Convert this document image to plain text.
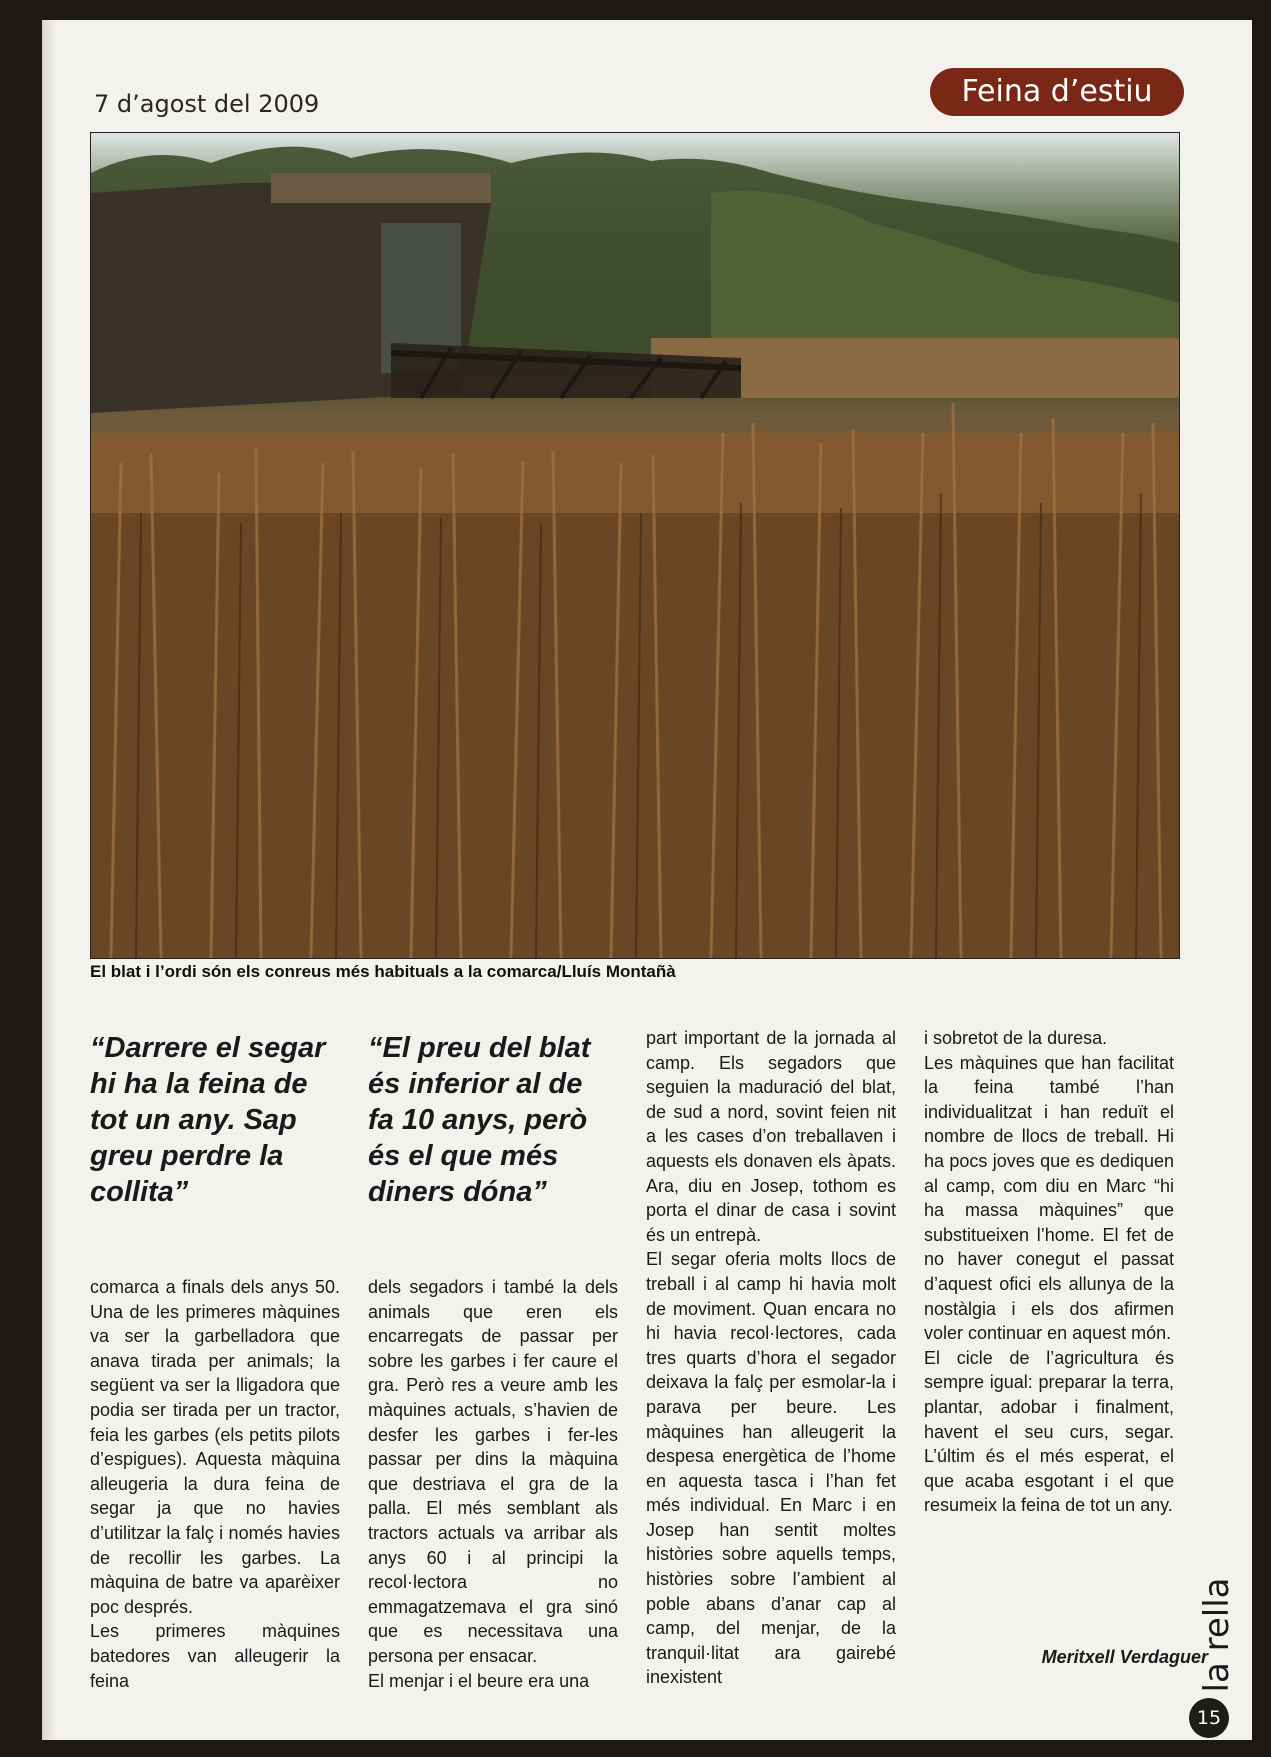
7 d’agost del 2009	Feina d’estiu
El blat i l’ordi són els conreus més habituals a la comarca/Lluís Montañà
“Darrere el segar hi ha la feina de tot un any. Sap greu perdre la collita”
“El preu del blat és inferior al de fa 10 anys, però és el que més diners dóna”

comarca a finals dels anys 50. Una de les primeres màquines va ser la garbelladora que anava tirada per animals; la següent va ser la lligadora que podia ser tirada per un tractor, feia les garbes (els petits pilots d’espigues). Aquesta màquina alleugeria la dura feina de segar ja que no havies d’utilitzar la falç i només havies de recollir les garbes. La màquina de batre va aparèixer poc després.

Les primeres màquines batedores van alleugerir la feina

dels segadors i també la dels animals que eren els encarregats de passar per sobre les garbes i fer caure el gra. Però res a veure amb les màquines actuals, s’havien de desfer les garbes i fer-les passar per dins la màquina que destriava el gra de la palla. El més semblant als tractors actuals va arribar als anys 60 i al principi la recol·lectora no emmagatzemava el gra sinó que es necessitava una persona per ensacar.

El menjar i el beure era una

part important de la jornada al camp. Els segadors que seguien la maduració del blat, de sud a nord, sovint feien nit a les cases d’on treballaven i aquests els donaven els àpats. Ara, diu en Josep, tothom es porta el dinar de casa i sovint és un entrepà.

El segar oferia molts llocs de treball i al camp hi havia molt de moviment. Quan encara no hi havia recol·lectores, cada tres quarts d’hora el segador deixava la falç per esmolar-la i parava per beure. Les màquines han alleugerit la despesa energètica de l’home en aquesta tasca i l’han fet més individual. En Marc i en Josep han sentit moltes històries sobre aquells temps, històries sobre l’ambient al poble abans d’anar cap al camp, del menjar, de la tranquil·litat ara gairebé inexistent

i sobretot de la duresa.

Les màquines que han facilitat la feina també l’han individualitzat i han reduït el nombre de llocs de treball. Hi ha pocs joves que es dediquen al camp, com diu en Marc “hi ha massa màquines” que substitueixen l’home. El fet de no haver conegut el passat d’aquest ofici els allunya de la nostàlgia i els dos afirmen voler continuar en aquest món.

El cicle de l’agricultura és sempre igual: preparar la terra, plantar, adobar i finalment, havent el seu curs, segar. L’últim és el més esperat, el que acaba esgotant i el que resumeix la feina de tot un any.

Meritxell Verdaguer
la rella
15
